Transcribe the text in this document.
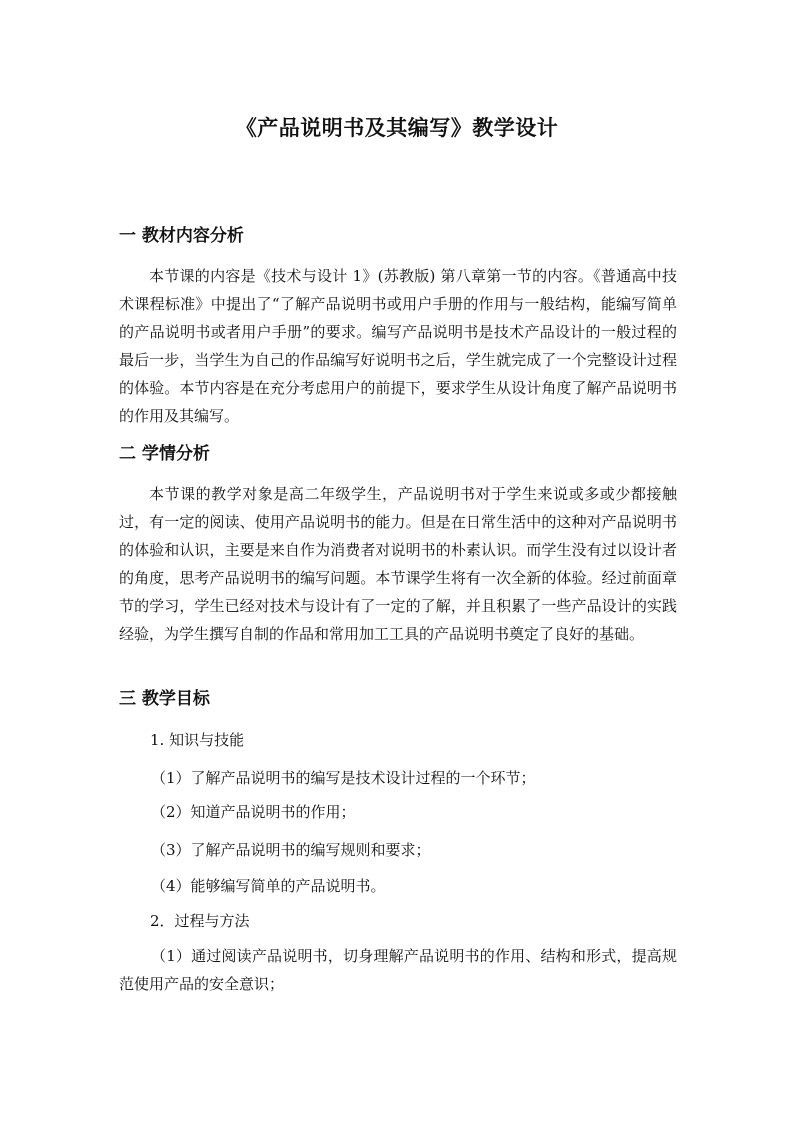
《产品说明书及其编写》教学设计
一 教材内容分析

本节课的内容是《技术与设计 1》(苏教版) 第八章第一节的内容。《普通高中技术课程标准》中提出了“了解产品说明书或用户手册的作用与一般结构，能编写简单的产品说明书或者用户手册”的要求。编写产品说明书是技术产品设计的一般过程的最后一步，当学生为自己的作品编写好说明书之后，学生就完成了一个完整设计过程的体验。本节内容是在充分考虑用户的前提下，要求学生从设计角度了解产品说明书的作用及其编写。

二 学情分析

本节课的教学对象是高二年级学生，产品说明书对于学生来说或多或少都接触过，有一定的阅读、使用产品说明书的能力。但是在日常生活中的这种对产品说明书的体验和认识，主要是来自作为消费者对说明书的朴素认识。而学生没有过以设计者的角度，思考产品说明书的编写问题。本节课学生将有一次全新的体验。经过前面章节的学习，学生已经对技术与设计有了一定的了解，并且积累了一些产品设计的实践经验，为学生撰写自制的作品和常用加工工具的产品说明书奠定了良好的基础。

三 教学目标

1. 知识与技能

（1）了解产品说明书的编写是技术设计过程的一个环节；

（2）知道产品说明书的作用；

（3）了解产品说明书的编写规则和要求；

（4）能够编写简单的产品说明书。

2．过程与方法

（1）通过阅读产品说明书，切身理解产品说明书的作用、结构和形式，提高规范使用产品的安全意识；
